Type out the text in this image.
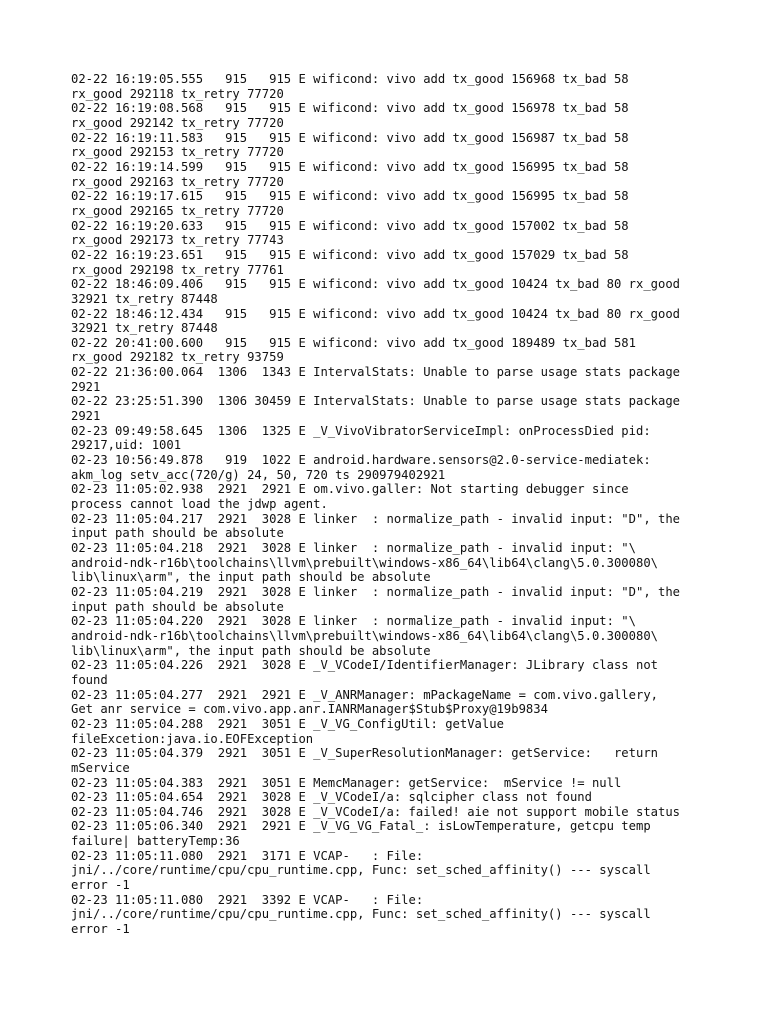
02-22 16:19:05.555   915   915 E wificond: vivo add tx_good 156968 tx_bad 58
rx_good 292118 tx_retry 77720
02-22 16:19:08.568   915   915 E wificond: vivo add tx_good 156978 tx_bad 58
rx_good 292142 tx_retry 77720
02-22 16:19:11.583   915   915 E wificond: vivo add tx_good 156987 tx_bad 58
rx_good 292153 tx_retry 77720
02-22 16:19:14.599   915   915 E wificond: vivo add tx_good 156995 tx_bad 58
rx_good 292163 tx_retry 77720
02-22 16:19:17.615   915   915 E wificond: vivo add tx_good 156995 tx_bad 58
rx_good 292165 tx_retry 77720
02-22 16:19:20.633   915   915 E wificond: vivo add tx_good 157002 tx_bad 58
rx_good 292173 tx_retry 77743
02-22 16:19:23.651   915   915 E wificond: vivo add tx_good 157029 tx_bad 58
rx_good 292198 tx_retry 77761
02-22 18:46:09.406   915   915 E wificond: vivo add tx_good 10424 tx_bad 80 rx_good
32921 tx_retry 87448
02-22 18:46:12.434   915   915 E wificond: vivo add tx_good 10424 tx_bad 80 rx_good
32921 tx_retry 87448
02-22 20:41:00.600   915   915 E wificond: vivo add tx_good 189489 tx_bad 581
rx_good 292182 tx_retry 93759
02-22 21:36:00.064  1306  1343 E IntervalStats: Unable to parse usage stats package
2921
02-22 23:25:51.390  1306 30459 E IntervalStats: Unable to parse usage stats package
2921
02-23 09:49:58.645  1306  1325 E _V_VivoVibratorServiceImpl: onProcessDied pid:
29217,uid: 1001
02-23 10:56:49.878   919  1022 E android.hardware.sensors@2.0-service-mediatek:
akm_log setv_acc(720/g) 24, 50, 720 ts 290979402921
02-23 11:05:02.938  2921  2921 E om.vivo.galler: Not starting debugger since
process cannot load the jdwp agent.
02-23 11:05:04.217  2921  3028 E linker  : normalize_path - invalid input: "D", the
input path should be absolute
02-23 11:05:04.218  2921  3028 E linker  : normalize_path - invalid input: "\
android-ndk-r16b\toolchains\llvm\prebuilt\windows-x86_64\lib64\clang\5.0.300080\
lib\linux\arm", the input path should be absolute
02-23 11:05:04.219  2921  3028 E linker  : normalize_path - invalid input: "D", the
input path should be absolute
02-23 11:05:04.220  2921  3028 E linker  : normalize_path - invalid input: "\
android-ndk-r16b\toolchains\llvm\prebuilt\windows-x86_64\lib64\clang\5.0.300080\
lib\linux\arm", the input path should be absolute
02-23 11:05:04.226  2921  3028 E _V_VCodeI/IdentifierManager: JLibrary class not
found
02-23 11:05:04.277  2921  2921 E _V_ANRManager: mPackageName = com.vivo.gallery,
Get anr service = com.vivo.app.anr.IANRManager$Stub$Proxy@19b9834
02-23 11:05:04.288  2921  3051 E _V_VG_ConfigUtil: getValue
fileExcetion:java.io.EOFException
02-23 11:05:04.379  2921  3051 E _V_SuperResolutionManager: getService:   return
mService
02-23 11:05:04.383  2921  3051 E MemcManager: getService:  mService != null
02-23 11:05:04.654  2921  3028 E _V_VCodeI/a: sqlcipher class not found
02-23 11:05:04.746  2921  3028 E _V_VCodeI/a: failed! aie not support mobile status
02-23 11:05:06.340  2921  2921 E _V_VG_VG_Fatal_: isLowTemperature, getcpu temp
failure| batteryTemp:36
02-23 11:05:11.080  2921  3171 E VCAP-   : File:
jni/../core/runtime/cpu/cpu_runtime.cpp, Func: set_sched_affinity() --- syscall
error -1
02-23 11:05:11.080  2921  3392 E VCAP-   : File:
jni/../core/runtime/cpu/cpu_runtime.cpp, Func: set_sched_affinity() --- syscall
error -1
